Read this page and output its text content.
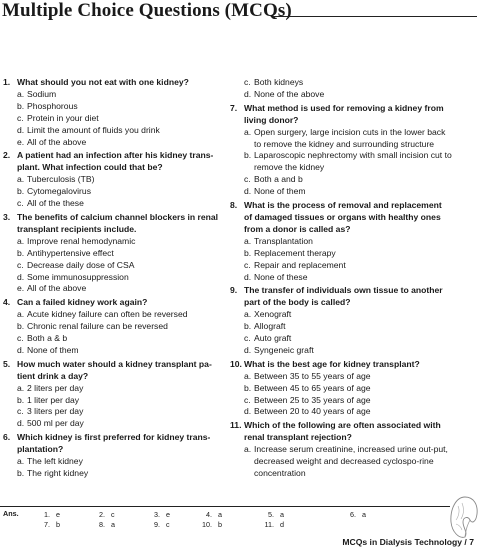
Multiple Choice Questions (MCQs)
1. What should you not eat with one kidney?
a. Sodium
b. Phosphorous
c. Protein in your diet
d. Limit the amount of fluids you drink
e. All of the above
2. A patient had an infection after his kidney trans-plant. What infection could that be?
a. Tuberculosis (TB)
b. Cytomegalovirus
c. All of the these
3. The benefits of calcium channel blockers in renal transplant recipients include.
a. Improve renal hemodynamic
b. Antihypertensive effect
c. Decrease daily dose of CSA
d. Some immunosuppression
e. All of the above
4. Can a failed kidney work again?
a. Acute kidney failure can often be reversed
b. Chronic renal failure can be reversed
c. Both a & b
d. None of them
5. How much water should a kidney transplant pa-tient drink a day?
a. 2 liters per day
b. 1 liter per day
c. 3 liters per day
d. 500 ml per day
6. Which kidney is first preferred for kidney trans-plantation?
a. The left kidney
b. The right kidney
c. Both kidneys
d. None of the above
7. What method is used for removing a kidney from living donor?
a. Open surgery, large incision cuts in the lower back to remove the kidney and surrounding structure
b. Laparoscopic nephrectomy with small incision cut to remove the kidney
c. Both a and b
d. None of them
8. What is the process of removal and replacement of damaged tissues or organs with healthy ones from a donor is called as?
a. Transplantation
b. Replacement therapy
c. Repair and replacement
d. None of these
9. The transfer of individuals own tissue to another part of the body is called?
a. Xenograft
b. Allograft
c. Auto graft
d. Syngeneic graft
10. What is the best age for kidney transplant?
a. Between 35 to 55 years of age
b. Between 45 to 65 years of age
c. Between 25 to 35 years of age
d. Between 20 to 40 years of age
11. Which of the following are often associated with renal transplant rejection?
a. Increase serum creatinine, increased urine out-put, decreased weight and decreased cyclospo-rine concentration
Ans.	1. e	2. c	3. e	4. a	5. a	6. a
7. b	8. a	9. c	10. b	11. d
MCQs in Dialysis Technology / 7
